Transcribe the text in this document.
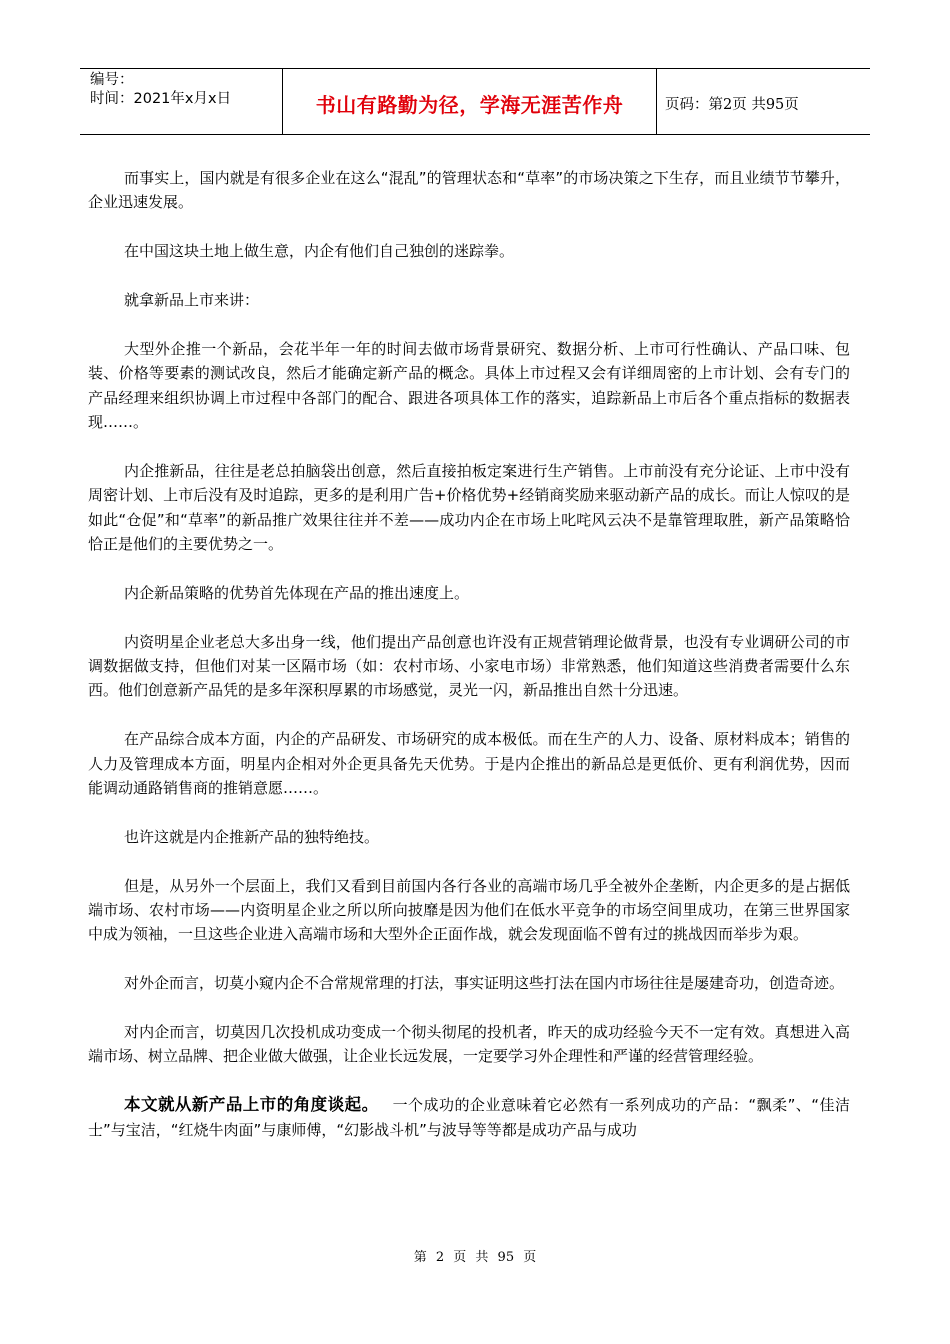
编号：
时间：2021年x月x日	书山有路勤为径，学海无涯苦作舟	页码：第2页 共95页

而事实上，国内就是有很多企业在这么“混乱”的管理状态和“草率”的市场决策之下生存，而且业绩节节攀升，企业迅速发展。

在中国这块土地上做生意，内企有他们自己独创的迷踪拳。

就拿新品上市来讲：

大型外企推一个新品，会花半年一年的时间去做市场背景研究、数据分析、上市可行性确认、产品口味、包装、价格等要素的测试改良，然后才能确定新产品的概念。具体上市过程又会有详细周密的上市计划、会有专门的产品经理来组织协调上市过程中各部门的配合、跟进各项具体工作的落实，追踪新品上市后各个重点指标的数据表现……。

内企推新品，往往是老总拍脑袋出创意，然后直接拍板定案进行生产销售。上市前没有充分论证、上市中没有周密计划、上市后没有及时追踪，更多的是利用广告+价格优势+经销商奖励来驱动新产品的成长。而让人惊叹的是如此“仓促”和“草率”的新品推广效果往往并不差——成功内企在市场上叱咤风云决不是靠管理取胜，新产品策略恰恰正是他们的主要优势之一。

内企新品策略的优势首先体现在产品的推出速度上。

内资明星企业老总大多出身一线，他们提出产品创意也许没有正规营销理论做背景，也没有专业调研公司的市调数据做支持，但他们对某一区隔市场（如：农村市场、小家电市场）非常熟悉，他们知道这些消费者需要什么东西。他们创意新产品凭的是多年深积厚累的市场感觉，灵光一闪，新品推出自然十分迅速。

在产品综合成本方面，内企的产品研发、市场研究的成本极低。而在生产的人力、设备、原材料成本；销售的人力及管理成本方面，明星内企相对外企更具备先天优势。于是内企推出的新品总是更低价、更有利润优势，因而能调动通路销售商的推销意愿……。

也许这就是内企推新产品的独特绝技。

但是，从另外一个层面上，我们又看到目前国内各行各业的高端市场几乎全被外企垄断，内企更多的是占据低端市场、农村市场——内资明星企业之所以所向披靡是因为他们在低水平竞争的市场空间里成功，在第三世界国家中成为领袖，一旦这些企业进入高端市场和大型外企正面作战，就会发现面临不曾有过的挑战因而举步为艰。

对外企而言，切莫小窥内企不合常规常理的打法，事实证明这些打法在国内市场往往是屡建奇功，创造奇迹。

对内企而言，切莫因几次投机成功变成一个彻头彻尾的投机者，昨天的成功经验今天不一定有效。真想进入高端市场、树立品牌、把企业做大做强，让企业长远发展，一定要学习外企理性和严谨的经营管理经验。

本文就从新产品上市的角度谈起。 一个成功的企业意味着它必然有一系列成功的产品：“飘柔”、“佳洁士”与宝洁，“红烧牛肉面”与康师傅，“幻影战斗机”与波导等等都是成功产品与成功

第 2 页 共 95 页
